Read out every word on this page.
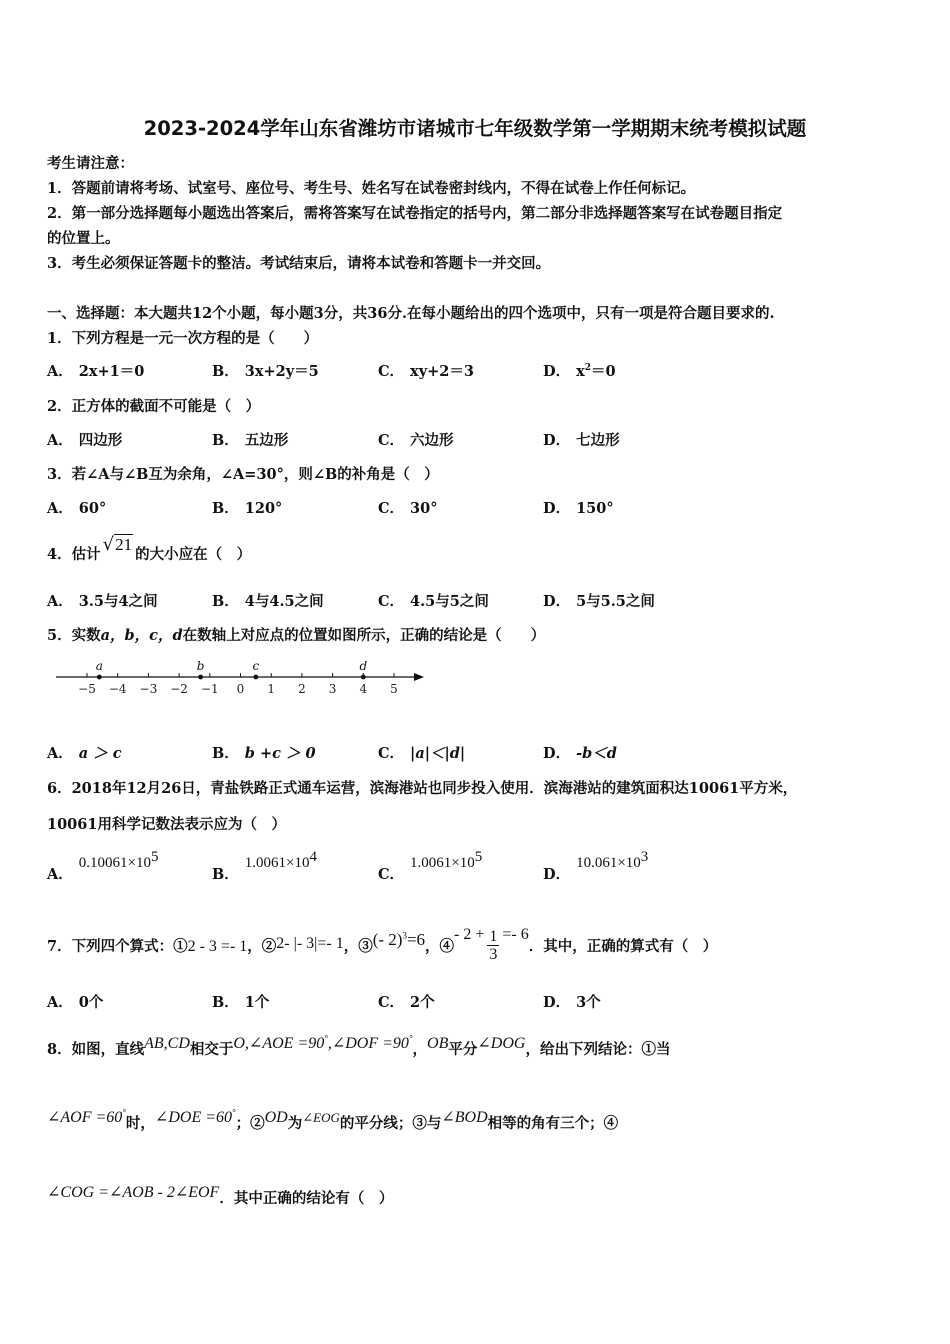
2023-2024学年山东省潍坊市诸城市七年级数学第一学期期末统考模拟试题
考生请注意：
1．答题前请将考场、试室号、座位号、考生号、姓名写在试卷密封线内，不得在试卷上作任何标记。
2．第一部分选择题每小题选出答案后，需将答案写在试卷指定的括号内，第二部分非选择题答案写在试卷题目指定
的位置上。
3．考生必须保证答题卡的整洁。考试结束后，请将本试卷和答题卡一并交回。
一、选择题：本大题共12个小题，每小题3分，共36分.在每小题给出的四个选项中，只有一项是符合题目要求的.
1．下列方程是一元一次方程的是（　　）
A． 2x+1＝0	B． 3x+2y＝5	C． xy+2＝3	D． $x^2=0$
2．正方体的截面不可能是（　）
A． 四边形	B． 五边形	C． 六边形	D． 七边形
3．若∠A与∠B互为余角，∠A=30°，则∠B的补角是（　）
A． 60°	B． 120°	C． 30°	D． 150°
4．估计 √21的大小应在（　）
A． 3.5与4之间	B． 4与4.5之间	C． 4.5与5之间	D． 5与5.5之间
5．实数a，b，c，d在数轴上对应点的位置如图所示，正确的结论是（　　）
−5 −4 −3 −2 −1 0 1 2 3 4 5
a	b	c	d
A． a ＞ c	B． b +c ＞ 0	C． |a|＜|d|	D． -b＜d
6．2018年12月26日，青盐铁路正式通车运营，滨海港站也同步投入使用．滨海港站的建筑面积达10061平方米，
10061用科学记数法表示应为（　）
A．$0.10061\times 10^5$
B．$1.0061\times 10^4$
C．$1.0061\times 10^5$
D．$10.061\times 10^3$
7．下列四个算式：①2 - 3 =- 1，②2- |- 3|=- 1，③(- 2)$^3$=6，④- $2 + \frac{1}{3} =- 6$．其中，正确的算式有（　）
A． 0个	B． 1个	C． 2个	D． 3个
8．如图，直线AB,CD相交于O,∠AOE =90°,∠DOF =90°，OB平分∠DOG，给出下列结论：①当
∠AOF =60°时，∠DOE =60°；②OD为∠EOG的平分线；③与∠BOD相等的角有三个；④
∠COG =∠AOB - 2∠EOF．其中正确的结论有（　）
